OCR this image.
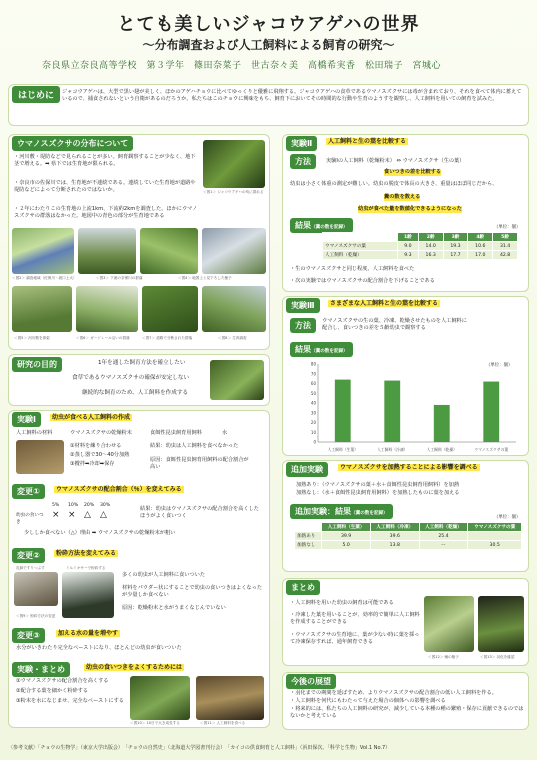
とても美しいジャコウアゲハの世界
～分布調査および人工飼料による飼育の研究～
奈良県立奈良高等学校　第３学年　篠田奈菜子　世古奈々美　高橋希実香　松田瑞子　宮城心
はじめに	ジャコウアゲハは、大型で黒い翅が美しく、ほかのアゲハチョウに比べてゆっくりと優雅に飛翔する。ジャコウアゲハの食草であるウマノスズクサには毒が含まれており、それを食べて体内に蓄えているので、捕食されないという自衛があるのだろうか。私たちはこのチョウに興味をもち、飼育下においてその時間的な行動や生育のようすを観察し、人工飼料を用いての飼育を試みた。
ウマノスズクサの分布について
・河川敷・堤防などで見られることが多い。飼育観察することが少なく、地下茎で増える。➡ 県下では生育地が限られる。
・奈良市の佐保川では、生育地が不連続である。連続していた生育地が道路や堤防などによって分断されたのではないか。
・２年にわたりこの生育地の上流1km、下流約2kmを調査した。ほかにウマノスズクサの群落はなかった。地図中の青色の部分が生育地である
＜図1＞ ジャコウアゲハの幼に群れる
＜図2＞ 調査地域（佐保川・坂口上大）	＜図3＞ 下流の奈保川の群落	＜図4＞ 地図上と見下ろした様子
＜図5＞ 河川敷を探索	＜図6＞ ガードレール沿いの群落	＜図7＞ 道路で分断された群落	＜図8＞ 生育調査
研究の目的	1年を通した飼育方法を確立したい
食草であるウマノスズクサの確保が安定しない
継続的な飼育のため、人工飼料を作成する
実験Ⅰ	幼虫が食べる人工飼料の作成
人工飼料の材料	ウマノスズクサの乾燥粉末	食餌性昆虫飼育用飼料	水
①材料を練り合わせる
②蒸し器で30～40分加熱
③攪拌➡冷却➡保存
結果：幼虫は人工飼料を食べなかった
原因：食餌性昆虫飼育用飼料の配合割合が高い
変更①	ウマノスズクサの配合割合（％）を変えてみる
5% 10% 20% 30%
幼虫の食いつき
× × △ △
結果：幼虫はウマノスズクサの配合割合を高くしたほうがよく食いつく
少ししか食べない（△）理由 ➡ ウマノスズクサの乾燥粉末が粗い
変更②	粉砕方法を変えてみる
乳鉢ですりつぶす	ミルミキサーで粉砕する
＜図9＞ 粉砕方法の変更
多くの幼虫が人工飼料に食いついた
材料をパウダー状にすることで幼虫の食いつきはよくなったが少量しか食べない
原因：乾燥粉末と水がうまくなじんでいない
変更③	加える水の量を増やす
水分がいきわたり完全なペーストになり、ほとんどの幼虫が食いついた
実験・まとめ	幼虫の食いつきをよくするためには
①ウマノスズクサの配合割合を高くする
②配合する葉を細かく粉砕する
③粉末を水になじませ、完全なペーストにする
＜図10＞ 10日で大き成長する	＜図11＞ 人工飼料を食べる
実験Ⅱ	人工飼料と生の葉を比較する
方法	実験Ⅰの人工飼料（乾燥粉末） ⇔ ウマノスズクサ（生の葉）
食いつきの差を比較する
幼虫は小さく体重の測定が難しい。幼虫の脱皮で体長の大きさ、重量はほぼ同じだから、
糞の数を数える
幼虫が食べた量を数値化できるようになった
結果（糞の数を記録）	（単位：個）
	1齢	2齢	3齢	4齢	5齢
ウマノスズクサの葉	9.0	14.0	19.3	10.6	31.4
人工飼料（乾燥）	9.3	16.3	17.7	17.0	42.8
・生のウマノスズクサと同じ程度、人工飼料を食べた
・次の実験ではウマノスズクサの配合割合を下げることである
実験Ⅲ	さまざまな人工飼料と生の葉を比較する
方法	ウマノスズクサの生の葉、冷凍、乾燥させたものを人工飼料に配合し、食いつきの差を５齢幼虫で観察する
結果（糞の数を記録）
（単位：個）
80
70
60
50
40
30
20
10
0
人工飼料（生葉）	人工飼料（冷凍）	人工飼料（乾燥）	ウマノスズクサの葉
追加実験	ウマノスズクサを加熱することによる影響を調べる
加熱あり：（ウマノスズクサの葉＋水＋食餌性昆虫飼育用飼料）を加熱
加熱なし：（水＋食餌性昆虫飼育用飼料）を加熱したものに葉を加える
追加実験：結果（糞の数を記録）
（単位：個）
	人工飼料（生葉）	人工飼料（冷凍）	人工飼料（乾燥）	ウマノスズクサの葉
加熱あり	39.9	39.6	25.4	
加熱なし	5.0	13.8	ー	30.5
まとめ
・人工飼料を用いた幼虫の飼育は可能である
・冷凍した葉を用いることが、効率的で簡単に人工飼料を作成することができる
・ウマノスズクサの生育地に、葉が少ない時に葉を採って冷凍保存すれば、通年飼育できる
＜図12＞ 蛹の様子	＜図13＞ 羽化を確認
今後の展望
・羽化までの期間を延ばすため、よりウマノスズクサの配合割合の低い人工飼料を作る。
・人工飼料を何代にもわたって与えた場合の個体への影響を調べる
・将来的には、私たちの人工飼料の研究が、減少している本種の種の繁殖・保存に貢献できるのではないかと考えている
〈参考文献〉「チョウの生物学」（東京大学出版会）　「チョウの自然史」（北海道大学図書刊行会）　「カイコの供食飼育と人工飼料」（浜田保次、「科学と生物」Vol.1 No.7）
